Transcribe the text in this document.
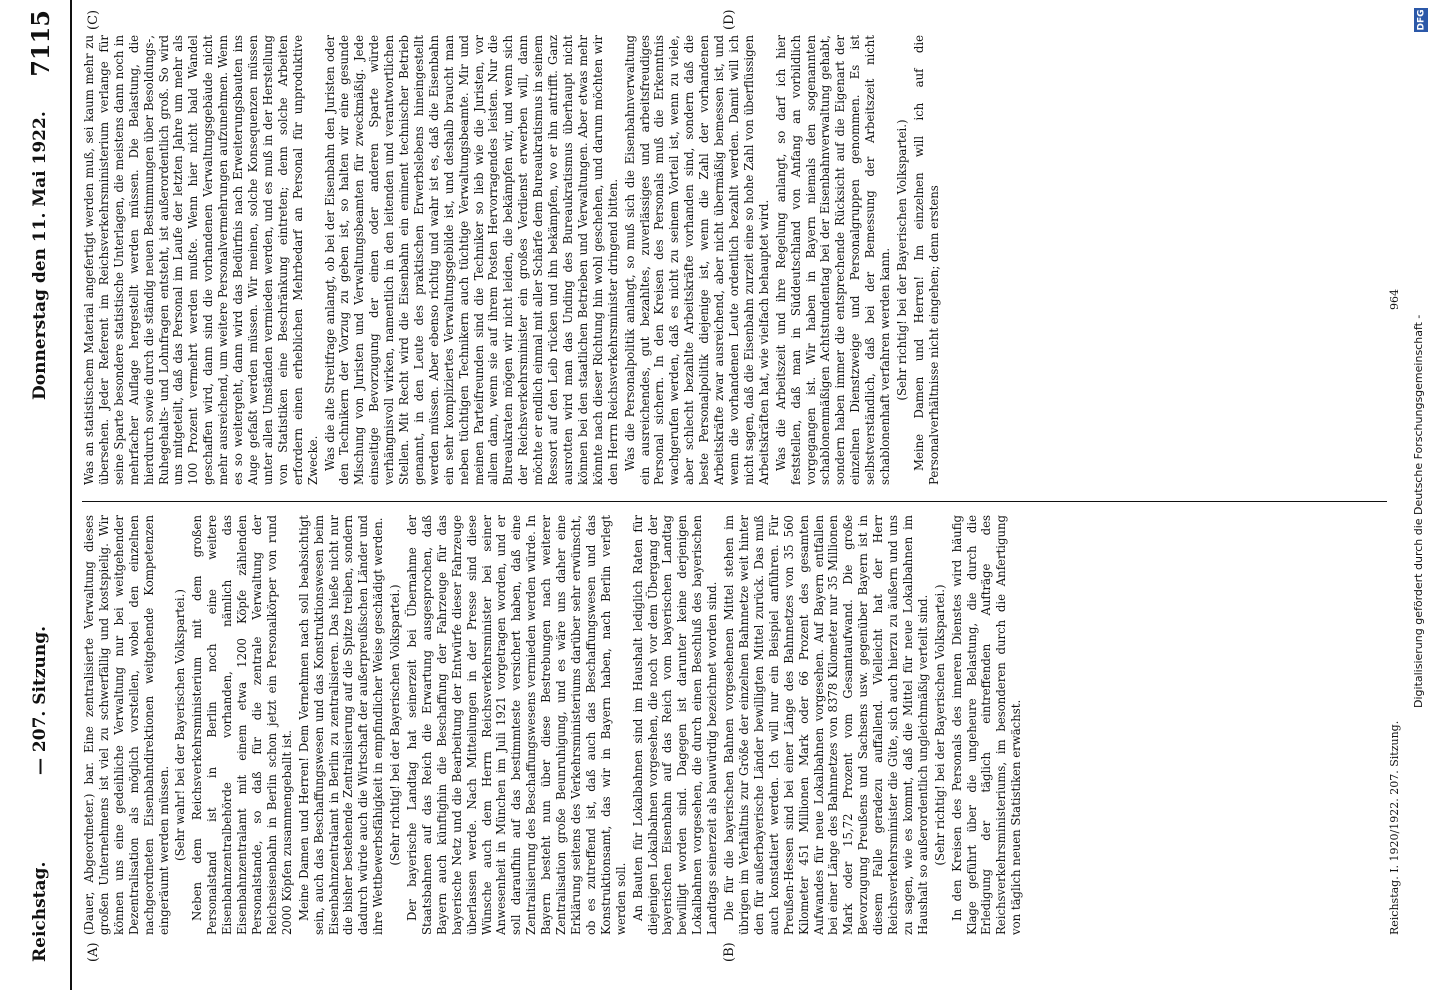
Reichstag.
— 207. Sitzung.
Donnerstag den 11. Mai 1922.
7115
(A)	(B)
(C)	(D)

(Dauer, Abgeordneter.) bar. Eine zentralisierte Verwaltung dieses großen Unternehmens ist viel zu schwerfällig und kostspielig. Wir können uns eine gedeihliche Verwaltung nur bei weitgehender Dezentralisation als möglich vorstellen, wobei den einzelnen nachgeordneten Eisenbahndirektionen weitgehende Kompetenzen eingeräumt werden müssen. (Sehr wahr! bei der Bayerischen Volkspartei.) Neben dem Reichsverkehrsministerium mit dem großen Personalstand ist in Berlin noch eine weitere Eisenbahnzentralbehörde vorhanden, nämlich das Eisenbahnzentralamt mit einem etwa 1200 Köpfe zählenden Personalstande, so daß für die zentrale Verwaltung der Reichseisenbahn in Berlin schon jetzt ein Personalkörper von rund 2000 Köpfen zusammengeballt ist. Meine Damen und Herren! Dem Vernehmen nach soll beabsichtigt sein, auch das Beschaffungswesen und das Konstruktionswesen beim Eisenbahnzentralamt in Berlin zu zentralisieren. Das hieße nicht nur die bisher bestehende Zentralisierung auf die Spitze treiben, sondern dadurch würde auch die Wirtschaft der außerpreußischen Länder und ihre Wettbewerbsfähigkeit in empfindlicher Weise geschädigt werden. (Sehr richtig! bei der Bayerischen Volkspartei.) Der bayerische Landtag hat seinerzeit bei Übernahme der Staatsbahnen auf das Reich die Erwartung ausgesprochen, daß Bayern auch künftighin die Beschaffung der Fahrzeuge für das bayerische Netz und die Bearbeitung der Entwürfe dieser Fahrzeuge überlassen werde. Nach Mitteilungen in der Presse sind diese Wünsche auch dem Herrn Reichsverkehrsminister bei seiner Anwesenheit in München im Juli 1921 vorgetragen worden, und er soll daraufhin auf das bestimmteste versichert haben, daß eine Zentralisierung des Beschaffungswesens vermieden werden würde. In Bayern besteht nun über diese Bestrebungen nach weiterer Zentralisation große Beunruhigung, und es wäre uns daher eine Erklärung seitens des Verkehrsministeriums darüber sehr erwünscht, ob es zutreffend ist, daß auch das Beschaffungswesen und das Konstruktionsamt, das wir in Bayern haben, nach Berlin verlegt werden soll. An Bauten für Lokalbahnen sind im Haushalt lediglich Raten für diejenigen Lokalbahnen vorgesehen, die noch vor dem Übergang der bayerischen Eisenbahn auf das Reich vom bayerischen Landtag bewilligt worden sind. Dagegen ist darunter keine derjenigen Lokalbahnen vorgesehen, die durch einen Beschluß des bayerischen Landtags seinerzeit als bauwürdig bezeichnet worden sind. Die für die bayerischen Bahnen vorgesehenen Mittel stehen im übrigen im Verhältnis zur Größe der einzelnen Bahnnetze weit hinter den für außerbayerische Länder bewilligten Mittel zurück. Das muß auch konstatiert werden. Ich will nur ein Beispiel anführen. Für Preußen-Hessen sind bei einer Länge des Bahnnetzes von 35 560 Kilometer 451 Millionen Mark oder 66 Prozent des gesamten Aufwandes für neue Lokalbahnen vorgesehen. Auf Bayern entfallen bei einer Länge des Bahnnetzes von 8378 Kilometer nur 35 Millionen Mark oder 15,72 Prozent vom Gesamtaufwand. Die große Bevorzugung Preußens und Sachsens usw. gegenüber Bayern ist in diesem Falle geradezu auffallend. Vielleicht hat der Herr Reichsverkehrsminister die Güte, sich auch hierzu zu äußern und uns zu sagen, wie es kommt, daß die Mittel für neue Lokalbahnen im Haushalt so außerordentlich ungleichmäßig verteilt sind. (Sehr richtig! bei der Bayerischen Volkspartei.) In den Kreisen des Personals des inneren Dienstes wird häufig Klage geführt über die ungeheure Belastung, die durch die Erledigung der täglich eintreffenden Aufträge des Reichsverkehrsministeriums, im besonderen durch die Anfertigung von täglich neuen Statistiken erwächst.

Was an statistischem Material angefertigt werden muß, sei kaum mehr zu übersehen. Jeder Referent im Reichsverkehrsministerium verlange für seine Sparte besondere statistische Unterlagen, die meistens dann noch in mehrfacher Auflage hergestellt werden müssen. Die Belastung, die hierdurch sowie durch die ständig neuen Bestimmungen über Besoldungs-, Ruhegehalts- und Lohnfragen entsteht, ist außerordentlich groß. So wird uns mitgeteilt, daß das Personal im Laufe der letzten Jahre um mehr als 100 Prozent vermehrt werden mußte. Wenn hier nicht bald Wandel geschaffen wird, dann sind die vorhandenen Verwaltungsgebäude nicht mehr ausreichend, um weitere Personalvermehrungen aufzunehmen. Wenn es so weitergeht, dann wird das Bedürfnis nach Erweiterungsbauten ins Auge gefaßt werden müssen. Wir meinen, solche Konsequenzen müssen unter allen Umständen vermieden werden, und es muß in der Herstellung von Statistiken eine Beschränkung eintreten; denn solche Arbeiten erfordern einen erheblichen Mehrbedarf an Personal für unproduktive Zwecke. Was die alte Streitfrage anlangt, ob bei der Eisenbahn den Juristen oder den Technikern der Vorzug zu geben ist, so halten wir eine gesunde Mischung von Juristen und Verwaltungsbeamten für zweckmäßig. Jede einseitige Bevorzugung der einen oder anderen Sparte würde verhängnisvoll wirken, namentlich in den leitenden und verantwortlichen Stellen. Mit Recht wird die Eisenbahn ein eminent technischer Betrieb genannt, in den Leute des praktischen Erwerbslebens hineingestellt werden müssen. Aber ebenso richtig und wahr ist es, daß die Eisenbahn ein sehr kompliziertes Verwaltungsgebilde ist, und deshalb braucht man neben tüchtigen Technikern auch tüchtige Verwaltungsbeamte. Mir und meinen Parteifreunden sind die Techniker so lieb wie die Juristen, vor allem dann, wenn sie auf ihrem Posten Hervorragendes leisten. Nur die Bureaukraten mögen wir nicht leiden, die bekämpfen wir, und wenn sich der Reichsverkehrsminister ein großes Verdienst erwerben will, dann möchte er endlich einmal mit aller Schärfe dem Bureaukratismus in seinem Ressort auf den Leib rücken und ihn bekämpfen, wo er ihn antrifft. Ganz ausrotten wird man das Unding des Bureaukratismus überhaupt nicht können bei den staatlichen Betrieben und Verwaltungen. Aber etwas mehr könnte nach dieser Richtung hin wohl geschehen, und darum möchten wir den Herrn Reichsverkehrsminister dringend bitten. Was die Personalpolitik anlangt, so muß sich die Eisenbahnverwaltung ein ausreichendes, gut bezahltes, zuverlässiges und arbeitsfreudiges Personal sichern. In den Kreisen des Personals muß die Erkenntnis wachgerufen werden, daß es nicht zu seinem Vorteil ist, wenn zu viele, aber schlecht bezahlte Arbeitskräfte vorhanden sind, sondern daß die beste Personalpolitik diejenige ist, wenn die Zahl der vorhandenen Arbeitskräfte zwar ausreichend, aber nicht übermäßig bemessen ist, und wenn die vorhandenen Leute ordentlich bezahlt werden. Damit will ich nicht sagen, daß die Eisenbahn zurzeit eine so hohe Zahl von überflüssigen Arbeitskräften hat, wie vielfach behauptet wird. Was die Arbeitszeit und ihre Regelung anlangt, so darf ich hier feststellen, daß man in Süddeutschland von Anfang an vorbildlich vorgegangen ist. Wir haben in Bayern niemals den sogenannten schablonenmäßigen Achtstundentag bei der Eisenbahnverwaltung gehabt, sondern haben immer die entsprechende Rücksicht auf die Eigenart der einzelnen Dienstzweige und Personalgruppen genommen. Es ist selbstverständlich, daß bei der Bemessung der Arbeitszeit nicht schablonenhaft verfahren werden kann. (Sehr richtig! bei der Bayerischen Volkspartei.) Meine Damen und Herren! Im einzelnen will ich auf die Personalverhältnisse nicht eingehen; denn erstens

Reichstag. I. 1920/1922. 207. Sitzung.
964
DFG
Digitalisierung gefördert durch die Deutsche Forschungsgemeinschaft -
